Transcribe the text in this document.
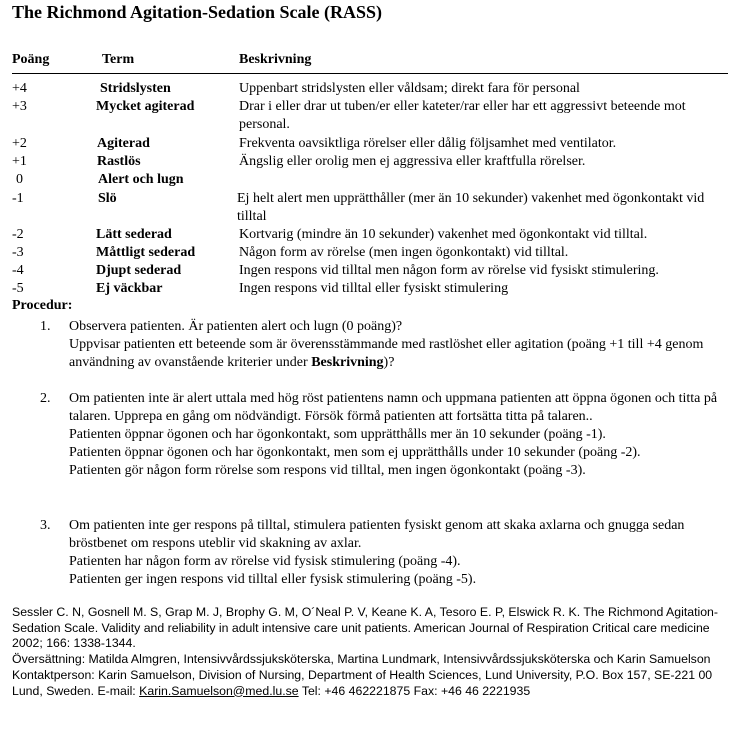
The Richmond Agitation-Sedation Scale (RASS)
Poäng	Term	Beskrivning
+4	Stridslysten	Uppenbart stridslysten eller våldsam; direkt fara för personal
+3	Mycket agiterad	Drar i eller drar ut tuben/er eller kateter/rar eller har ett aggressivt beteende mot personal.
+2	Agiterad	Frekventa oavsiktliga rörelser eller dålig följsamhet med ventilator.
+1	Rastlös	Ängslig eller orolig men ej aggressiva eller kraftfulla rörelser.
0	Alert och lugn
-1	Slö	Ej helt alert men upprätthåller (mer än 10 sekunder) vakenhet med ögonkontakt vid tilltal
-2	Lätt sederad	Kortvarig (mindre än 10 sekunder) vakenhet med ögonkontakt vid tilltal.
-3	Måttligt sederad	Någon form av rörelse (men ingen ögonkontakt) vid tilltal.
-4	Djupt sederad	Ingen respons vid tilltal men någon form av rörelse vid fysiskt stimulering.
-5	Ej väckbar	Ingen respons vid tilltal eller fysiskt stimulering
Procedur:
1. Observera patienten. Är patienten alert och lugn (0 poäng)?
Uppvisar patienten ett beteende som är överensstämmande med rastlöshet eller agitation (poäng +1 till +4 genom användning av ovanstående kriterier under Beskrivning)?
2. Om patienten inte är alert uttala med hög röst patientens namn och uppmana patienten att öppna ögonen och titta på talaren. Upprepa en gång om nödvändigt. Försök förmå patienten att fortsätta titta på talaren..
Patienten öppnar ögonen och har ögonkontakt, som upprätthålls mer än 10 sekunder (poäng -1).
Patienten öppnar ögonen och har ögonkontakt, men som ej upprätthålls under 10 sekunder (poäng -2).
Patienten gör någon form rörelse som respons vid tilltal, men ingen ögonkontakt (poäng -3).
3. Om patienten inte ger respons på tilltal, stimulera patienten fysiskt genom att skaka axlarna och gnugga sedan bröstbenet om respons uteblir vid skakning av axlar.
Patienten har någon form av rörelse vid fysisk stimulering (poäng -4).
Patienten ger ingen respons vid tilltal eller fysisk stimulering (poäng -5).

Sessler C. N, Gosnell M. S, Grap M. J, Brophy G. M, O´Neal P. V, Keane K. A, Tesoro E. P, Elswick R. K. The Richmond Agitation-Sedation Scale. Validity and reliability in adult intensive care unit patients. American Journal of Respiration Critical care medicine 2002; 166: 1338-1344.

Översättning: Matilda Almgren, Intensivvårdssjuksköterska, Martina Lundmark, Intensivvårdssjuksköterska och Karin Samuelson

Kontaktperson: Karin Samuelson, Division of Nursing, Department of Health Sciences, Lund University, P.O. Box 157, SE-221 00 Lund, Sweden. E-mail: Karin.Samuelson@med.lu.se Tel: +46 462221875 Fax: +46 46 2221935
